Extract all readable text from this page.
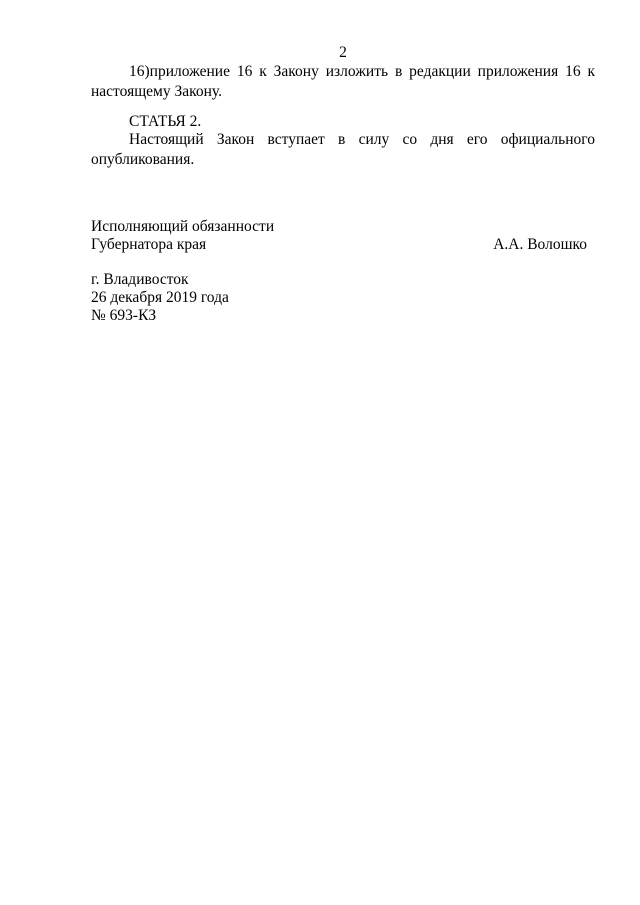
2

16)приложение 16 к Закону изложить в редакции приложения 16 к настоящему Закону.

СТАТЬЯ 2.

Настоящий Закон вступает в силу со дня его официального опубликования.

Исполняющий обязанности
Губернатора края	А.А. Волошко
г. Владивосток
26 декабря 2019 года
№ 693-КЗ
